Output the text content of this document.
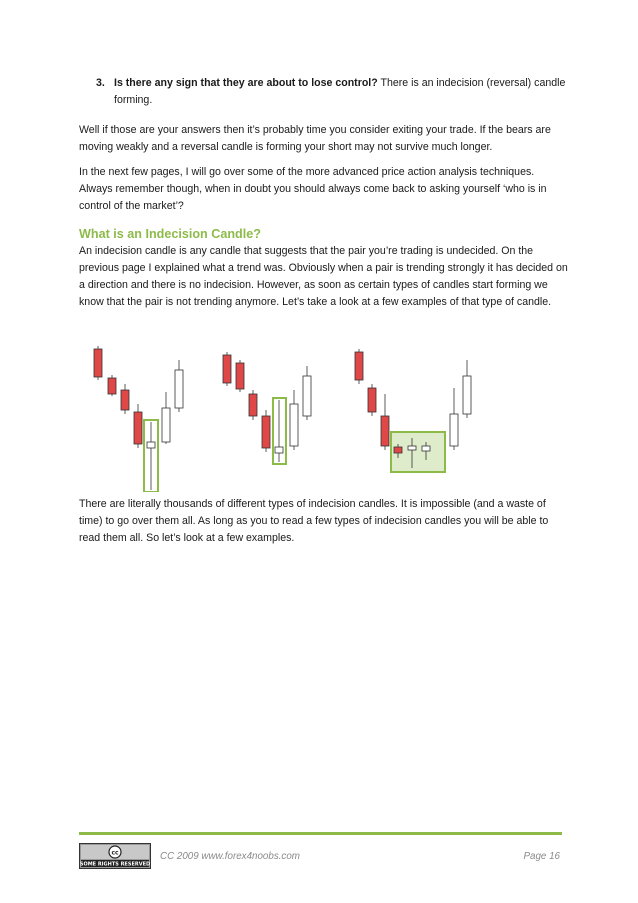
3. Is there any sign that they are about to lose control? There is an indecision (reversal) candle forming.

Well if those are your answers then it’s probably time you consider exiting your trade. If the bears are moving weakly and a reversal candle is forming your short may not survive much longer.

In the next few pages, I will go over some of the more advanced price action analysis techniques. Always remember though, when in doubt you should always come back to asking yourself ‘who is in control of the market’?

What is an Indecision Candle?

An indecision candle is any candle that suggests that the pair you’re trading is undecided. On the previous page I explained what a trend was. Obviously when a pair is trending strongly it has decided on a direction and there is no indecision. However, as soon as certain types of candles start forming we know that the pair is not trending anymore. Let’s take a look at a few examples of that type of candle.

There are literally thousands of different types of indecision candles. It is impossible (and a waste of time) to go over them all. As long as you to read a few types of indecision candles you will be able to read them all. So let’s look at a few examples.

cc
SOME RIGHTS RESERVED
CC 2009 www.forex4noobs.com	Page 16
